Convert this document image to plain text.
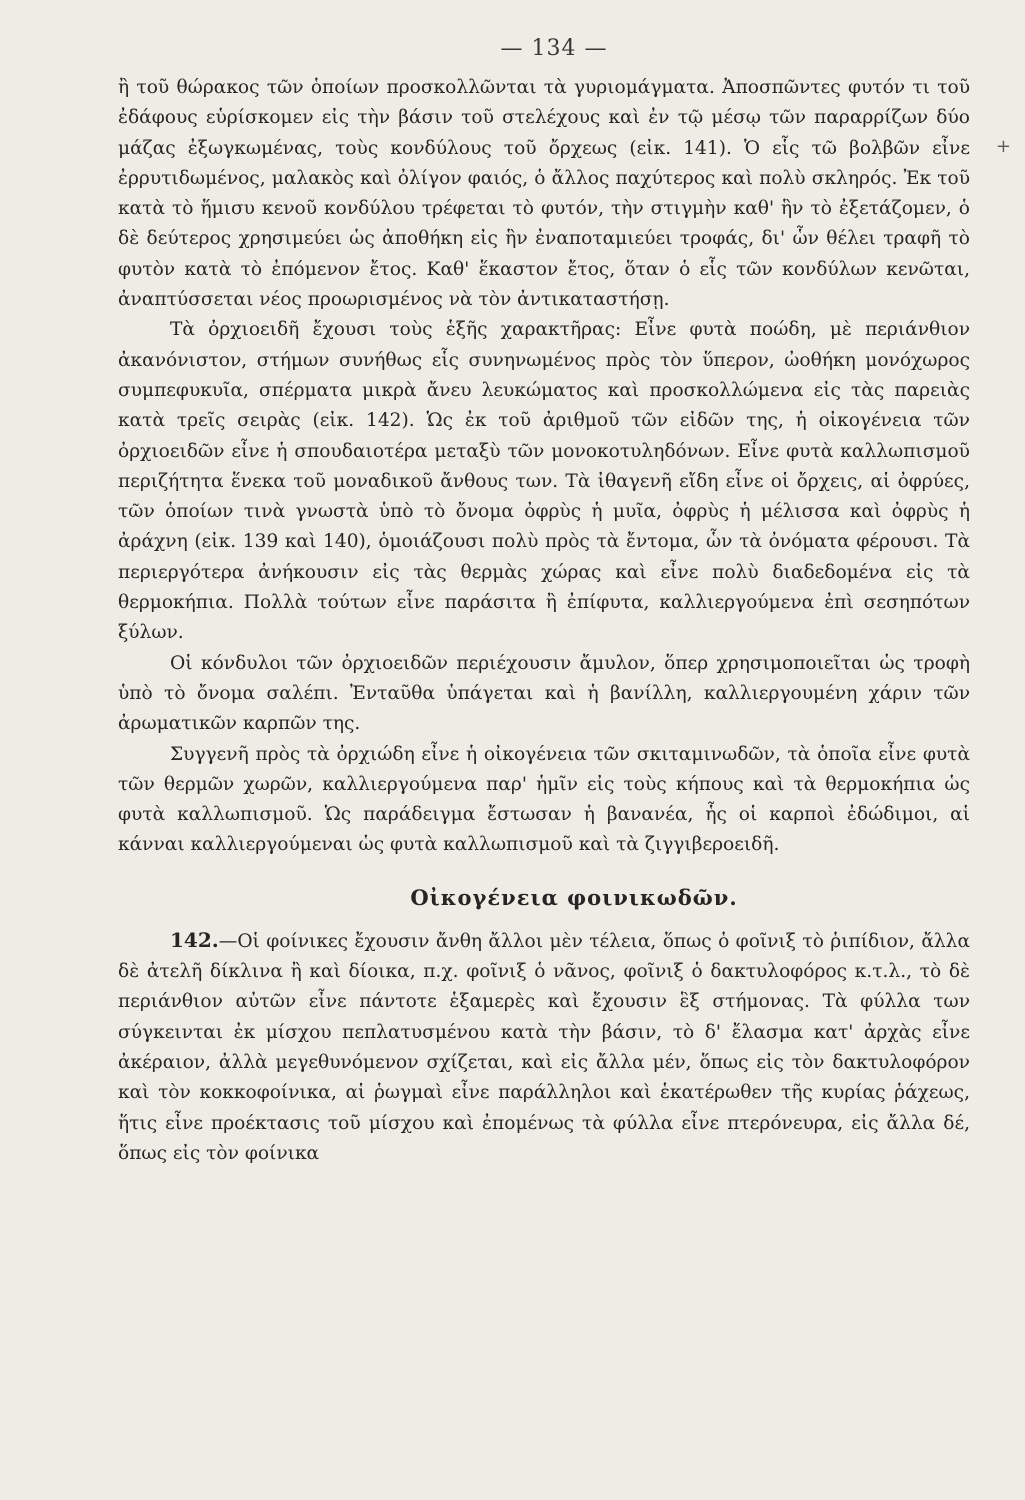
— 134 —
+

ἢ τοῦ θώρακος τῶν ὁποίων προσκολλῶνται τὰ γυριομάγματα. Ἀποσπῶντες φυτόν τι τοῦ ἐδάφους εὑρίσκομεν εἰς τὴν βάσιν τοῦ στελέχους καὶ ἐν τῷ μέσῳ τῶν παραρρίζων δύο μάζας ἐξωγκωμένας, τοὺς κονδύλους τοῦ ὄρχεως (εἰκ. 141). Ὁ εἷς τῶ βολβῶν εἶνε ἐρρυτιδωμένος, μαλακὸς καὶ ὀλίγον φαιός, ὁ ἄλλος παχύτερος καὶ πολὺ σκληρός. Ἐκ τοῦ κατὰ τὸ ἥμισυ κενοῦ κονδύλου τρέφεται τὸ φυτόν, τὴν στιγμὴν καθ' ἣν τὸ ἐξετάζομεν, ὁ δὲ δεύτερος χρησιμεύει ὡς ἀποθήκη εἰς ἣν ἐναποταμιεύει τροφάς, δι' ὧν θέλει τραφῆ τὸ φυτὸν κατὰ τὸ ἐπόμενον ἔτος. Καθ' ἕκαστον ἔτος, ὅταν ὁ εἷς τῶν κονδύλων κενῶται, ἀναπτύσσεται νέος προωρισμένος νὰ τὸν ἀντικαταστήσῃ.

Τὰ ὀρχιοειδῆ ἔχουσι τοὺς ἑξῆς χαρακτῆρας: Εἶνε φυτὰ ποώδη, μὲ περιάνθιον ἀκανόνιστον, στήμων συνήθως εἷς συνηνωμένος πρὸς τὸν ὕπερον, ὠοθήκη μονόχωρος συμπεφυκυῖα, σπέρματα μικρὰ ἄνευ λευκώματος καὶ προσκολλώμενα εἰς τὰς παρειὰς κατὰ τρεῖς σειρὰς (εἰκ. 142). Ὡς ἐκ τοῦ ἀριθμοῦ τῶν εἰδῶν της, ἡ οἰκογένεια τῶν ὀρχιοειδῶν εἶνε ἡ σπουδαιοτέρα μεταξὺ τῶν μονοκοτυληδόνων. Εἶνε φυτὰ καλλωπισμοῦ περιζήτητα ἕνεκα τοῦ μοναδικοῦ ἄνθους των. Τὰ ἰθαγενῆ εἴδη εἶνε οἱ ὄρχεις, αἱ ὀφρύες, τῶν ὁποίων τινὰ γνωστὰ ὑπὸ τὸ ὄνομα ὀφρὺς ἡ μυῖα, ὀφρὺς ἡ μέλισσα καὶ ὀφρὺς ἡ ἀράχνη (εἰκ. 139 καὶ 140), ὁμοιάζουσι πολὺ πρὸς τὰ ἔντομα, ὧν τὰ ὀνόματα φέρουσι. Τὰ περιεργότερα ἀνήκουσιν εἰς τὰς θερμὰς χώρας καὶ εἶνε πολὺ διαδεδομένα εἰς τὰ θερμοκήπια. Πολλὰ τούτων εἶνε παράσιτα ἢ ἐπίφυτα, καλλιεργούμενα ἐπὶ σεσηπότων ξύλων.

Οἱ κόνδυλοι τῶν ὀρχιοειδῶν περιέχουσιν ἄμυλον, ὅπερ χρησιμοποιεῖται ὡς τροφὴ ὑπὸ τὸ ὄνομα σαλέπι. Ἐνταῦθα ὑπάγεται καὶ ἡ βανίλλη, καλλιεργουμένη χάριν τῶν ἀρωματικῶν καρπῶν της.

Συγγενῆ πρὸς τὰ ὀρχιώδη εἶνε ἡ οἰκογένεια τῶν σκιταμινωδῶν, τὰ ὁποῖα εἶνε φυτὰ τῶν θερμῶν χωρῶν, καλλιεργούμενα παρ' ἡμῖν εἰς τοὺς κήπους καὶ τὰ θερμοκήπια ὡς φυτὰ καλλωπισμοῦ. Ὡς παράδειγμα ἔστωσαν ἡ βανανέα, ἧς οἱ καρποὶ ἐδώδιμοι, αἱ κάνναι καλλιεργούμεναι ὡς φυτὰ καλλωπισμοῦ καὶ τὰ ζιγγιβεροειδῆ.

Οἰκογένεια φοινικωδῶν.

142.—Οἱ φοίνικες ἔχουσιν ἄνθη ἄλλοι μὲν τέλεια, ὅπως ὁ φοῖνιξ τὸ ῥιπίδιον, ἄλλα δὲ ἀτελῆ δίκλινα ἢ καὶ δίοικα, π.χ. φοῖνιξ ὁ νᾶνος, φοῖνιξ ὁ δακτυλοφόρος κ.τ.λ., τὸ δὲ περιάνθιον αὐτῶν εἶνε πάντοτε ἑξαμερὲς καὶ ἔχουσιν ἓξ στήμονας. Τὰ φύλλα των σύγκεινται ἐκ μίσχου πεπλατυσμένου κατὰ τὴν βάσιν, τὸ δ' ἔλασμα κατ' ἀρχὰς εἶνε ἀκέραιον, ἀλλὰ μεγεθυνόμενον σχίζεται, καὶ εἰς ἄλλα μέν, ὅπως εἰς τὸν δακτυλοφόρον καὶ τὸν κοκκοφοίνικα, αἱ ῥωγμαὶ εἶνε παράλληλοι καὶ ἑκατέρωθεν τῆς κυρίας ῥάχεως, ἥτις εἶνε προέκτασις τοῦ μίσχου καὶ ἐπομένως τὰ φύλλα εἶνε πτερόνευρα, εἰς ἄλλα δέ, ὅπως εἰς τὸν φοίνικα
